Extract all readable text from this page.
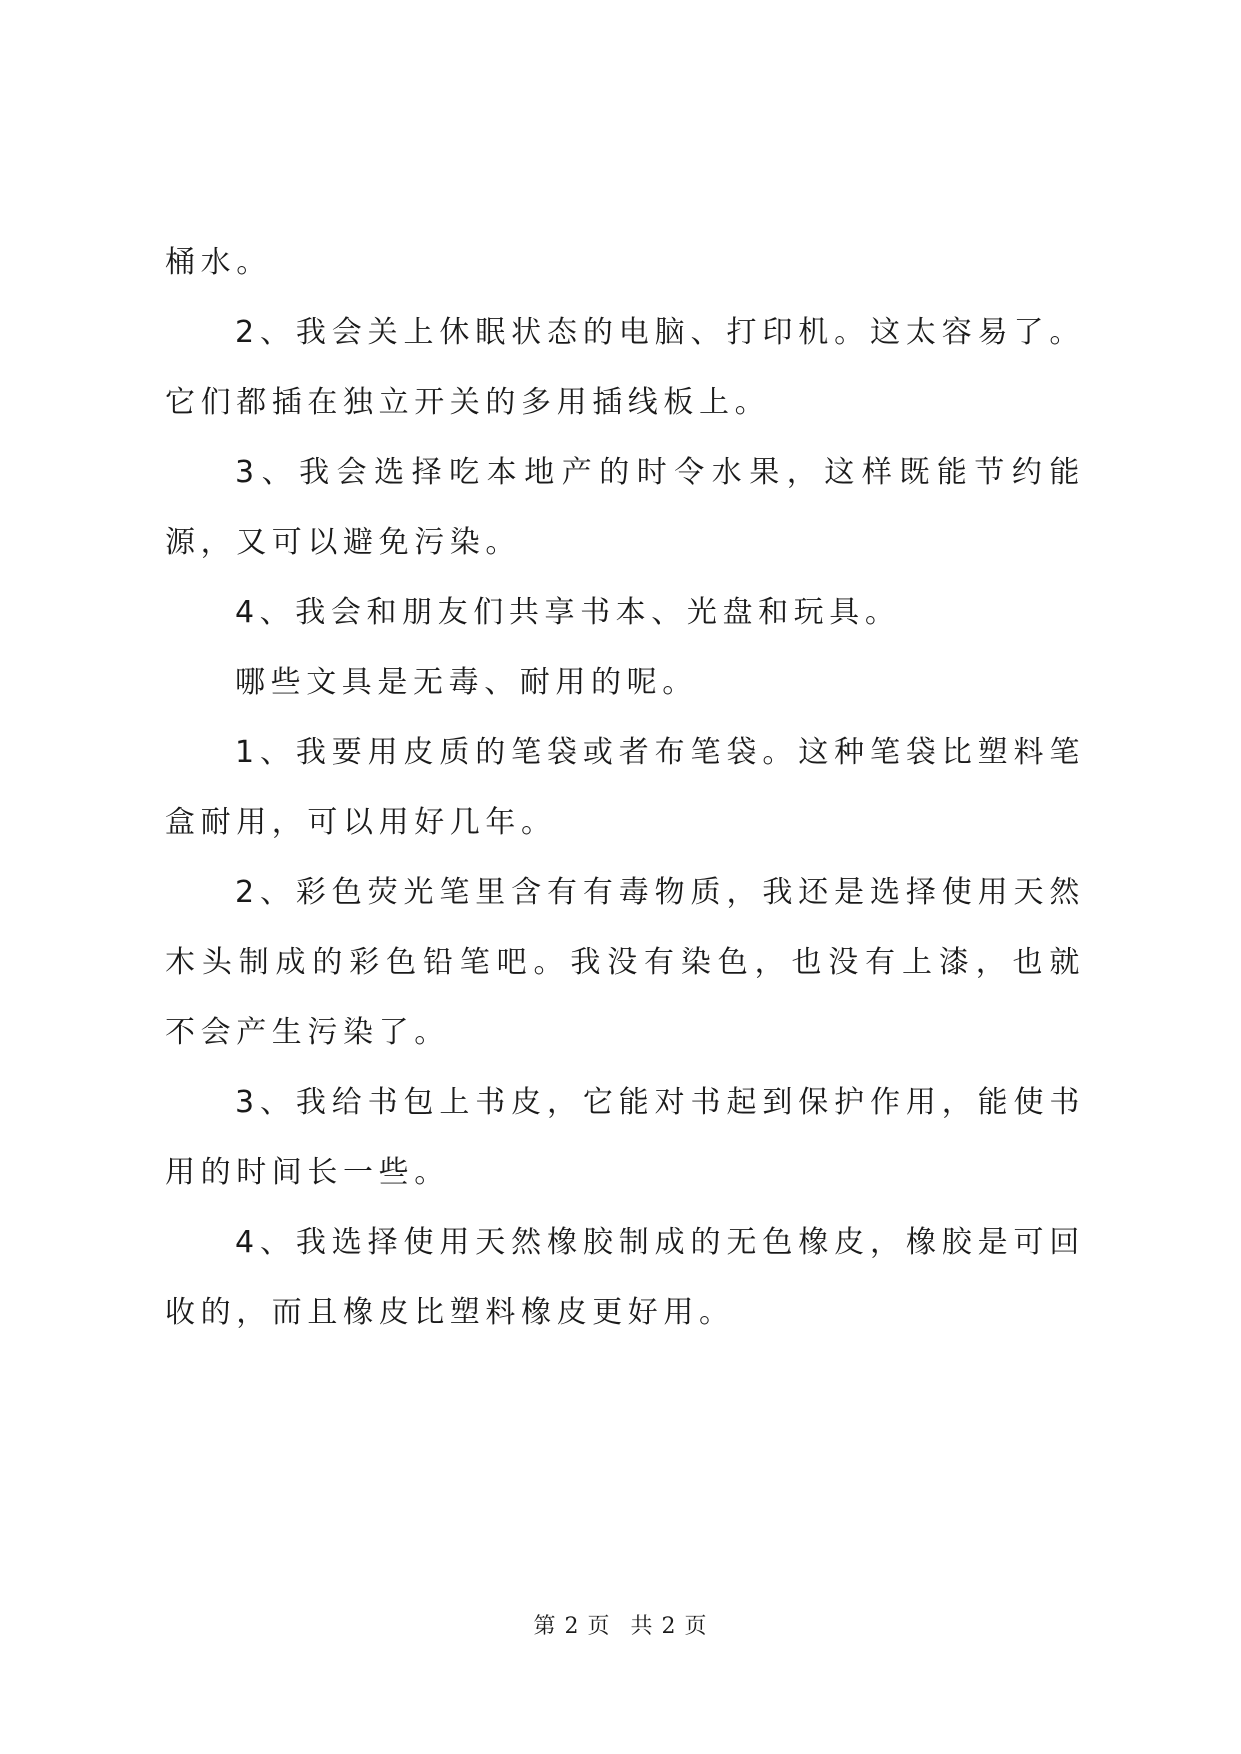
桶水。

2、我会关上休眠状态的电脑、打印机。这太容易了。它们都插在独立开关的多用插线板上。

3、我会选择吃本地产的时令水果，这样既能节约能源，又可以避免污染。

4、我会和朋友们共享书本、光盘和玩具。

哪些文具是无毒、耐用的呢。

1、我要用皮质的笔袋或者布笔袋。这种笔袋比塑料笔盒耐用，可以用好几年。

2、彩色荧光笔里含有有毒物质，我还是选择使用天然木头制成的彩色铅笔吧。我没有染色，也没有上漆，也就不会产生污染了。

3、我给书包上书皮，它能对书起到保护作用，能使书用的时间长一些。

4、我选择使用天然橡胶制成的无色橡皮，橡胶是可回收的，而且橡皮比塑料橡皮更好用。

第 2 页 共 2 页
